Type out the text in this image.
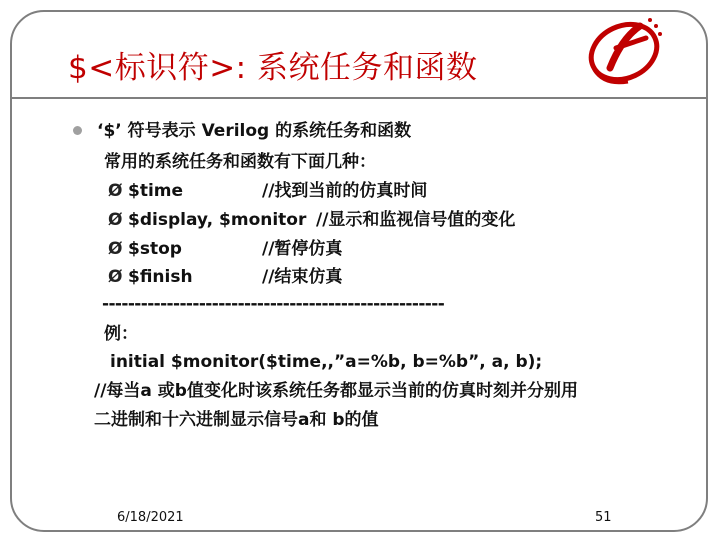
$<标识符>: 系统任务和函数
‘$’ 符号表示 Verilog 的系统任务和函数
常用的系统任务和函数有下面几种：
Ø $time	//找到当前的仿真时间
Ø $display, $monitor //显示和监视信号值的变化
Ø $stop	//暂停仿真
Ø $finish	//结束仿真
-----------------------------------------------------
例：
initial $monitor($time,,”a=%b, b=%b”, a, b);
//每当a 或b值变化时该系统任务都显示当前的仿真时刻并分别用
二进制和十六进制显示信号a和 b的值
6/18/2021	51
